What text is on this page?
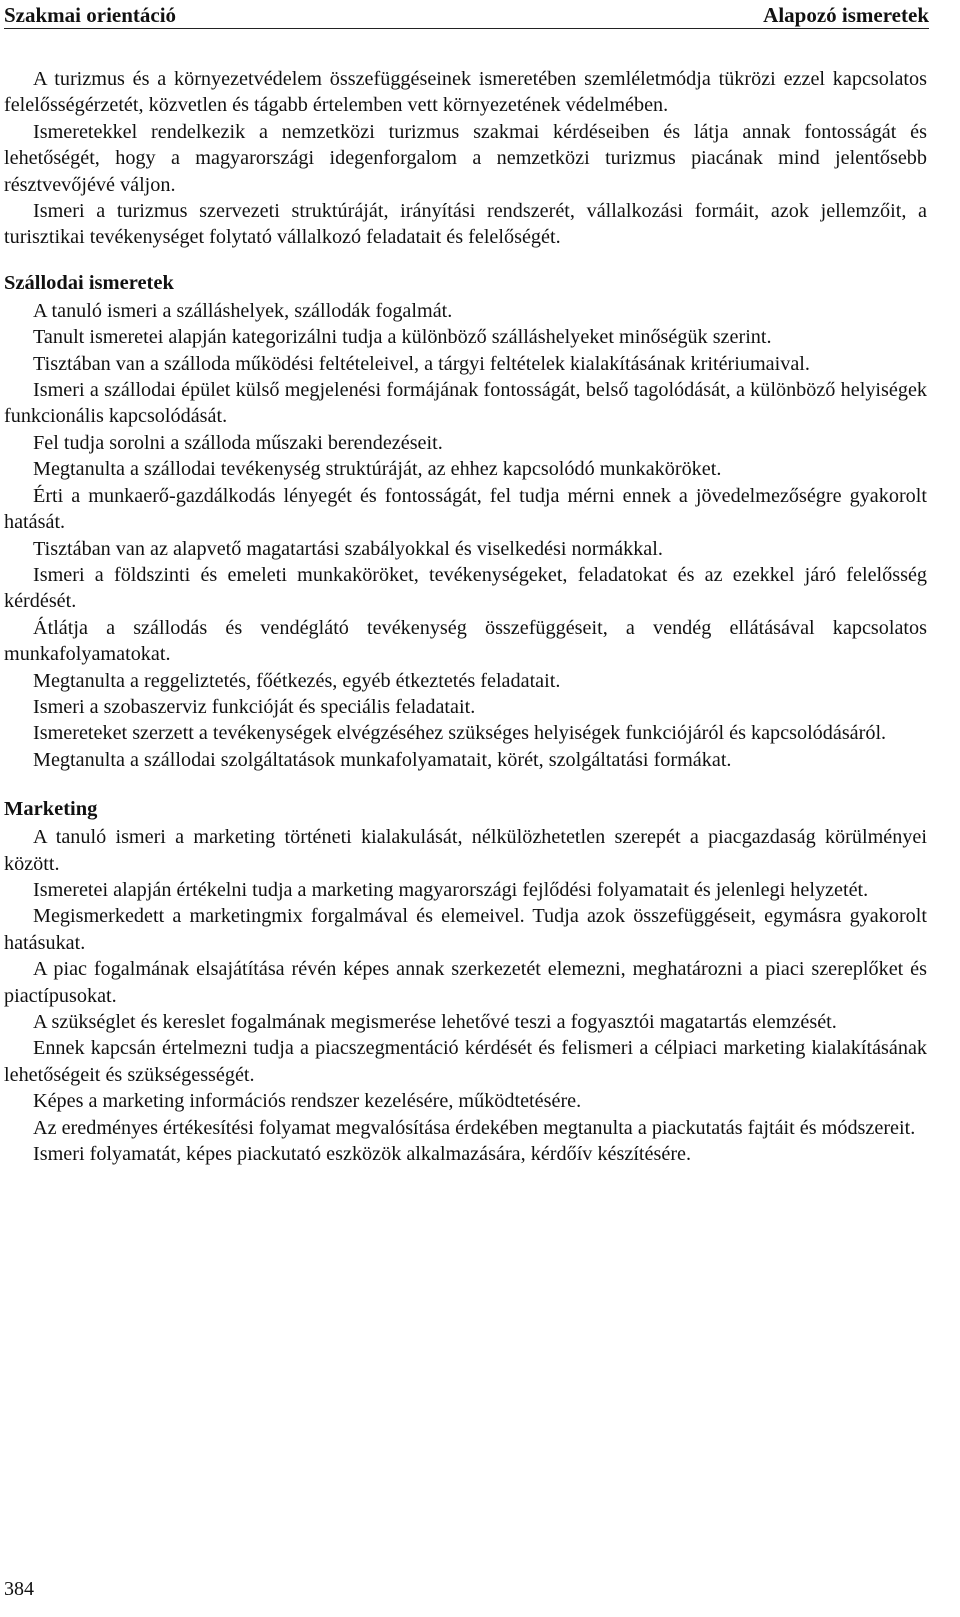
Szakmai orientáció	Alapozó ismeretek

A turizmus és a környezetvédelem összefüggéseinek ismeretében szemléletmódja tükrözi ezzel kapcsolatos felelősségérzetét, közvetlen és tágabb értelemben vett környezetének védelmében.

Ismeretekkel rendelkezik a nemzetközi turizmus szakmai kérdéseiben és látja annak fontosságát és lehetőségét, hogy a magyarországi idegenforgalom a nemzetközi turizmus piacának mind jelentősebb résztvevőjévé váljon.

Ismeri a turizmus szervezeti struktúráját, irányítási rendszerét, vállalkozási formáit, azok jellemzőit, a turisztikai tevékenységet folytató vállalkozó feladatait és felelőségét.

Szállodai ismeretek

A tanuló ismeri a szálláshelyek, szállodák fogalmát.

Tanult ismeretei alapján kategorizálni tudja a különböző szálláshelyeket minőségük szerint.

Tisztában van a szálloda működési feltételeivel, a tárgyi feltételek kialakításának kritériumaival.

Ismeri a szállodai épület külső megjelenési formájának fontosságát, belső tagolódását, a különböző helyiségek funkcionális kapcsolódását.

Fel tudja sorolni a szálloda műszaki berendezéseit.

Megtanulta a szállodai tevékenység struktúráját, az ehhez kapcsolódó munkaköröket.

Érti a munkaerő-gazdálkodás lényegét és fontosságát, fel tudja mérni ennek a jövedelmezőségre gyakorolt hatását.

Tisztában van az alapvető magatartási szabályokkal és viselkedési normákkal.

Ismeri a földszinti és emeleti munkaköröket, tevékenységeket, feladatokat és az ezekkel járó felelősség kérdését.

Átlátja a szállodás és vendéglátó tevékenység összefüggéseit, a vendég ellátásával kapcsolatos munkafolyamatokat.

Megtanulta a reggeliztetés, főétkezés, egyéb étkeztetés feladatait.

Ismeri a szobaszerviz funkcióját és speciális feladatait.

Ismereteket szerzett a tevékenységek elvégzéséhez szükséges helyiségek funkciójáról és kapcsolódásáról.

Megtanulta a szállodai szolgáltatások munkafolyamatait, körét, szolgáltatási formákat.

Marketing

A tanuló ismeri a marketing történeti kialakulását, nélkülözhetetlen szerepét a piacgazdaság körülményei között.

Ismeretei alapján értékelni tudja a marketing magyarországi fejlődési folyamatait és jelenlegi helyzetét.

Megismerkedett a marketingmix forgalmával és elemeivel. Tudja azok összefüggéseit, egymásra gyakorolt hatásukat.

A piac fogalmának elsajátítása révén képes annak szerkezetét elemezni, meghatározni a piaci szereplőket és piactípusokat.

A szükséglet és kereslet fogalmának megismerése lehetővé teszi a fogyasztói magatartás elemzését.

Ennek kapcsán értelmezni tudja a piacszegmentáció kérdését és felismeri a célpiaci marketing kialakításának lehetőségeit és szükségességét.

Képes a marketing információs rendszer kezelésére, működtetésére.

Az eredményes értékesítési folyamat megvalósítása érdekében megtanulta a piackutatás fajtáit és módszereit.

Ismeri folyamatát, képes piackutató eszközök alkalmazására, kérdőív készítésére.

384
